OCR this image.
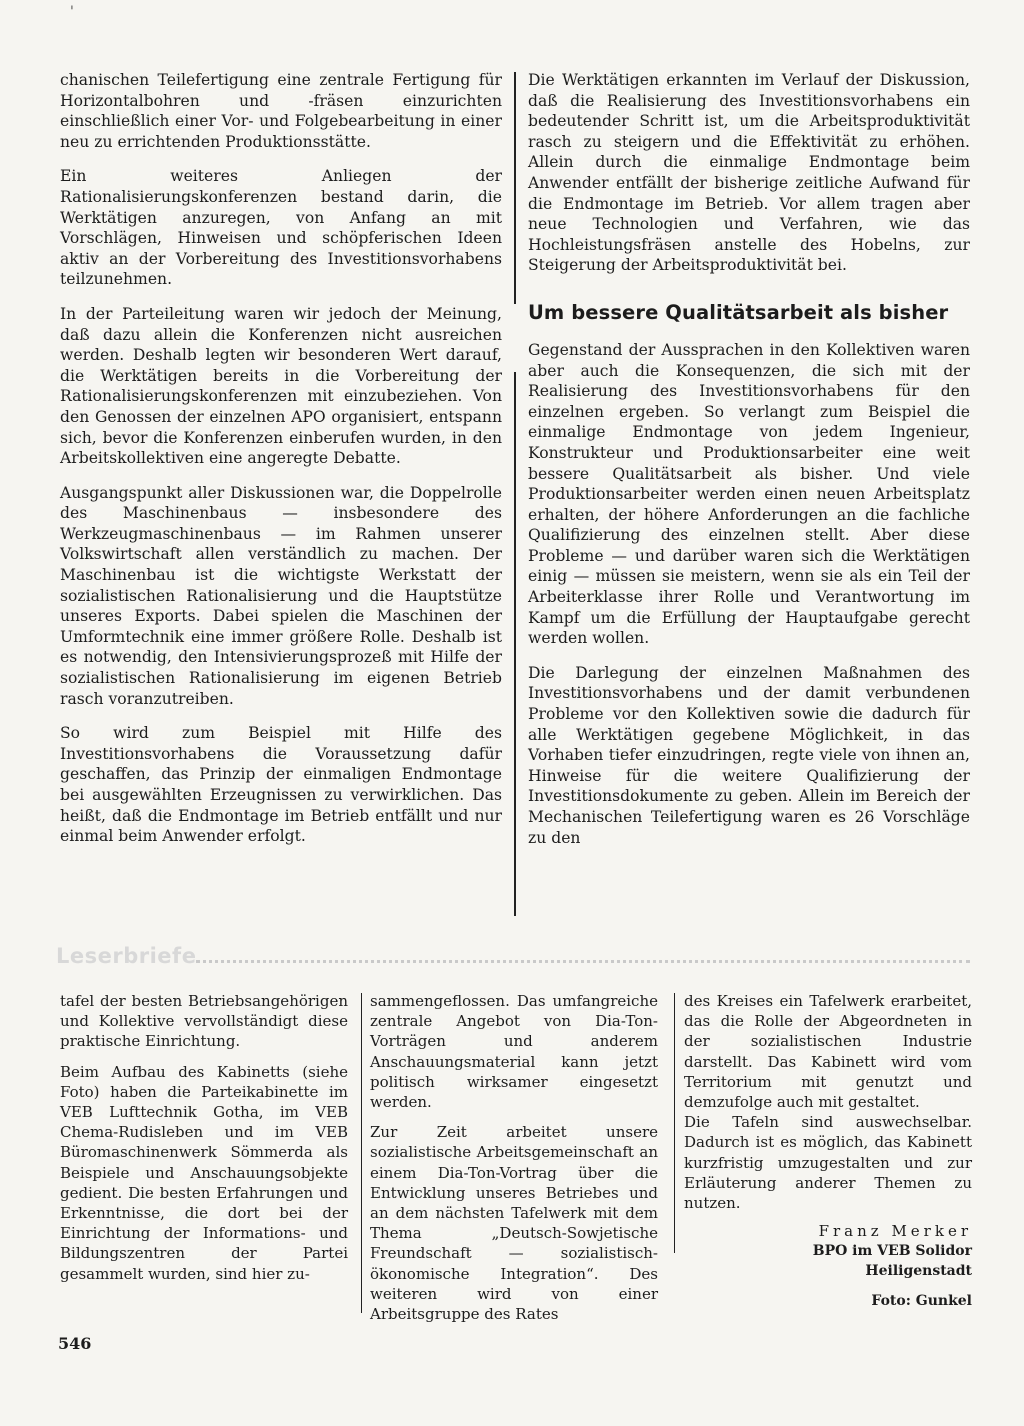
'

chanischen Teilefertigung eine zentrale Fertigung für Horizontalbohren und -fräsen einzurichten einschließlich einer Vor- und Folgebearbeitung in einer neu zu errichtenden Produktionsstätte.

Ein weiteres Anliegen der Rationalisierungskonferenzen bestand darin, die Werktätigen anzuregen, von Anfang an mit Vorschlägen, Hinweisen und schöpferischen Ideen aktiv an der Vorbereitung des Investitionsvorhabens teilzunehmen.

In der Parteileitung waren wir jedoch der Meinung, daß dazu allein die Konferenzen nicht ausreichen werden. Deshalb legten wir besonderen Wert darauf, die Werktätigen bereits in die Vorbereitung der Rationalisierungskonferenzen mit einzubeziehen. Von den Genossen der einzelnen APO organisiert, entspann sich, bevor die Konferenzen einberufen wurden, in den Arbeitskollektiven eine angeregte Debatte.

Ausgangspunkt aller Diskussionen war, die Doppelrolle des Maschinenbaus — insbesondere des Werkzeugmaschinenbaus — im Rahmen unserer Volkswirtschaft allen verständlich zu machen. Der Maschinenbau ist die wichtigste Werkstatt der sozialistischen Rationalisierung und die Hauptstütze unseres Exports. Dabei spielen die Maschinen der Umformtechnik eine immer größere Rolle. Deshalb ist es notwendig, den Intensivierungsprozeß mit Hilfe der sozialistischen Rationalisierung im eigenen Betrieb rasch voranzutreiben.

So wird zum Beispiel mit Hilfe des Investitionsvorhabens die Voraussetzung dafür geschaffen, das Prinzip der einmaligen Endmontage bei ausgewählten Erzeugnissen zu verwirklichen. Das heißt, daß die Endmontage im Betrieb entfällt und nur einmal beim Anwender erfolgt.

Die Werktätigen erkannten im Verlauf der Diskussion, daß die Realisierung des Investitionsvorhabens ein bedeutender Schritt ist, um die Arbeitsproduktivität rasch zu steigern und die Effektivität zu erhöhen. Allein durch die einmalige Endmontage beim Anwender entfällt der bisherige zeitliche Aufwand für die Endmontage im Betrieb. Vor allem tragen aber neue Technologien und Verfahren, wie das Hochleistungsfräsen anstelle des Hobelns, zur Steigerung der Arbeitsproduktivität bei.

Um bessere Qualitätsarbeit als bisher

Gegenstand der Aussprachen in den Kollektiven waren aber auch die Konsequenzen, die sich mit der Realisierung des Investitionsvorhabens für den einzelnen ergeben. So verlangt zum Beispiel die einmalige Endmontage von jedem Ingenieur, Konstrukteur und Produktionsarbeiter eine weit bessere Qualitätsarbeit als bisher. Und viele Produktionsarbeiter werden einen neuen Arbeitsplatz erhalten, der höhere Anforderungen an die fachliche Qualifizierung des einzelnen stellt. Aber diese Probleme — und darüber waren sich die Werktätigen einig — müssen sie meistern, wenn sie als ein Teil der Arbeiterklasse ihrer Rolle und Verantwortung im Kampf um die Erfüllung der Hauptaufgabe gerecht werden wollen.

Die Darlegung der einzelnen Maßnahmen des Investitionsvorhabens und der damit verbundenen Probleme vor den Kollektiven sowie die dadurch für alle Werktätigen gegebene Möglichkeit, in das Vorhaben tiefer einzudringen, regte viele von ihnen an, Hinweise für die weitere Qualifizierung der Investitionsdokumente zu geben. Allein im Bereich der Mechanischen Teilefertigung waren es 26 Vorschläge zu den

Leserbriefe

tafel der besten Betriebsangehörigen und Kollektive vervollständigt diese praktische Einrichtung.

Beim Aufbau des Kabinetts (siehe Foto) haben die Parteikabinette im VEB Lufttechnik Gotha, im VEB Chema-Rudisleben und im VEB Büromaschinenwerk Sömmerda als Beispiele und Anschauungsobjekte gedient. Die besten Erfahrungen und Erkenntnisse, die dort bei der Einrichtung der Informations- und Bildungszentren der Partei gesammelt wurden, sind hier zu-

sammengeflossen. Das umfangreiche zentrale Angebot von Dia-Ton-Vorträgen und anderem Anschauungsmaterial kann jetzt politisch wirksamer eingesetzt werden.

Zur Zeit arbeitet unsere sozialistische Arbeitsgemeinschaft an einem Dia-Ton-Vortrag über die Entwicklung unseres Betriebes und an dem nächsten Tafelwerk mit dem Thema „Deutsch-Sowjetische Freundschaft — sozialistisch-ökonomische Integration“. Des weiteren wird von einer Arbeitsgruppe des Rates

des Kreises ein Tafelwerk erarbeitet, das die Rolle der Abgeordneten in der sozialistischen Industrie darstellt. Das Kabinett wird vom Territorium mit genutzt und demzufolge auch mit gestaltet.

Die Tafeln sind auswechselbar. Dadurch ist es möglich, das Kabinett kurzfristig umzugestalten und zur Erläuterung anderer Themen zu nutzen.

Franz Merker
BPO im VEB Solidor
Heiligenstadt
Foto: Gunkel
546
